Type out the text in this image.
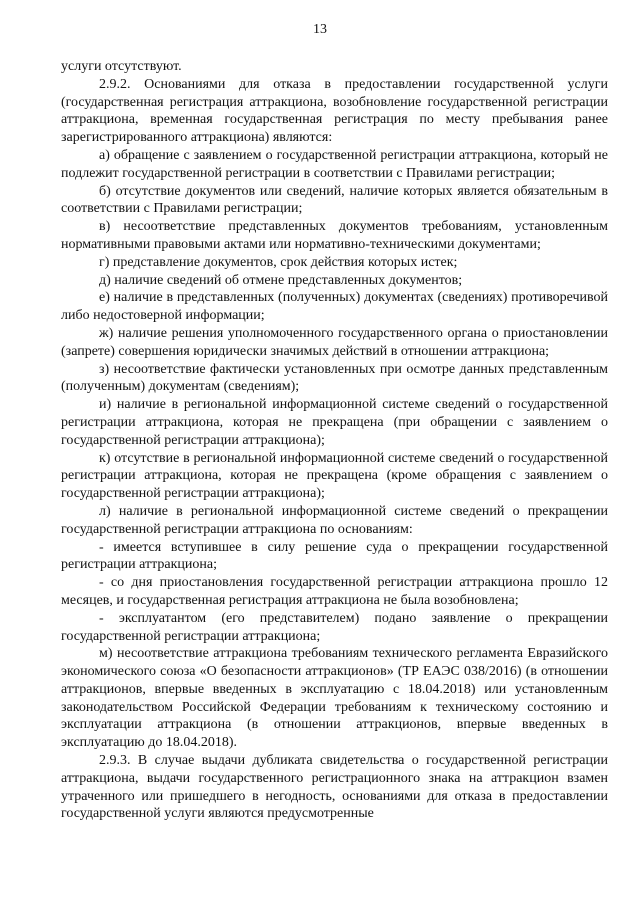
13

услуги отсутствуют.

2.9.2. Основаниями для отказа в предоставлении государственной услуги (государственная регистрация аттракциона, возобновление государственной регистрации аттракциона, временная государственная регистрация по месту пребывания ранее зарегистрированного аттракциона) являются:

а) обращение с заявлением о государственной регистрации аттракциона, который не подлежит государственной регистрации в соответствии с Правилами регистрации;

б) отсутствие документов или сведений, наличие которых является обязательным в соответствии с Правилами регистрации;

в) несоответствие представленных документов требованиям, установленным нормативными правовыми актами или нормативно-техническими документами;

г) представление документов, срок действия которых истек;

д) наличие сведений об отмене представленных документов;

е) наличие в представленных (полученных) документах (сведениях) противоречивой либо недостоверной информации;

ж) наличие решения уполномоченного государственного органа о приостановлении (запрете) совершения юридически значимых действий в отношении аттракциона;

з) несоответствие фактически установленных при осмотре данных представленным (полученным) документам (сведениям);

и) наличие в региональной информационной системе сведений о государственной регистрации аттракциона, которая не прекращена (при обращении с заявлением о государственной регистрации аттракциона);

к) отсутствие в региональной информационной системе сведений о государственной регистрации аттракциона, которая не прекращена (кроме обращения с заявлением о государственной регистрации аттракциона);

л) наличие в региональной информационной системе сведений о прекращении государственной регистрации аттракциона по основаниям:

- имеется вступившее в силу решение суда о прекращении государственной регистрации аттракциона;

- со дня приостановления государственной регистрации аттракциона прошло 12 месяцев, и государственная регистрация аттракциона не была возобновлена;

- эксплуатантом (его представителем) подано заявление о прекращении государственной регистрации аттракциона;

м) несоответствие аттракциона требованиям технического регламента Евразийского экономического союза «О безопасности аттракционов» (ТР ЕАЭС 038/2016) (в отношении аттракционов, впервые введенных в эксплуатацию с 18.04.2018) или установленным законодательством Российской Федерации требованиям к техническому состоянию и эксплуатации аттракциона (в отношении аттракционов, впервые введенных в эксплуатацию до 18.04.2018).

2.9.3. В случае выдачи дубликата свидетельства о государственной регистрации аттракциона, выдачи государственного регистрационного знака на аттракцион взамен утраченного или пришедшего в негодность, основаниями для отказа в предоставлении государственной услуги являются предусмотренные
